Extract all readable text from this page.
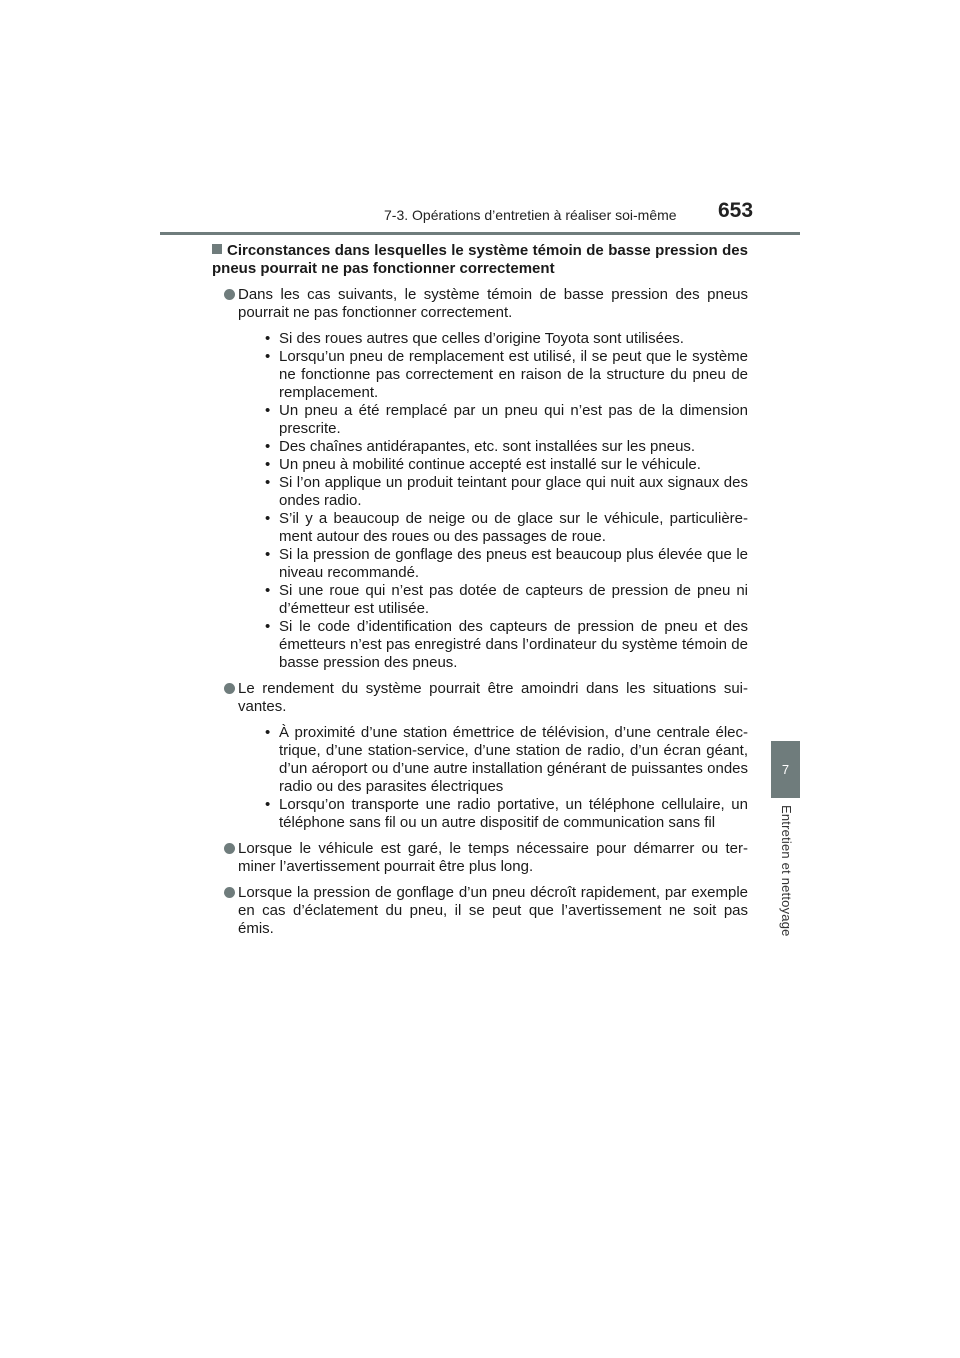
7-3. Opérations d’entretien à réaliser soi-même 653
7
Entretien et nettoyage
Circonstances dans lesquelles le système témoin de basse pression des pneus pourrait ne pas fonctionner correctement
Dans les cas suivants, le système témoin de basse pression des pneus pourrait ne pas fonctionner correctement.
• Si des roues autres que celles d’origine Toyota sont utilisées.
• Lorsqu’un pneu de remplacement est utilisé, il se peut que le système ne fonctionne pas correctement en raison de la structure du pneu de remplacement.
• Un pneu a été remplacé par un pneu qui n’est pas de la dimension prescrite.
• Des chaînes antidérapantes, etc. sont installées sur les pneus.
• Un pneu à mobilité continue accepté est installé sur le véhicule.
• Si l’on applique un produit teintant pour glace qui nuit aux signaux des ondes radio.
• S’il y a beaucoup de neige ou de glace sur le véhicule, particulière-ment autour des roues ou des passages de roue.
• Si la pression de gonflage des pneus est beaucoup plus élevée que le niveau recommandé.
• Si une roue qui n’est pas dotée de capteurs de pression de pneu ni d’émetteur est utilisée.
• Si le code d’identification des capteurs de pression de pneu et des émetteurs n’est pas enregistré dans l’ordinateur du système témoin de basse pression des pneus.
Le rendement du système pourrait être amoindri dans les situations sui-vantes.
• À proximité d’une station émettrice de télévision, d’une centrale élec-trique, d’une station-service, d’une station de radio, d’un écran géant, d’un aéroport ou d’une autre installation générant de puissantes ondes radio ou des parasites électriques
• Lorsqu’on transporte une radio portative, un téléphone cellulaire, un téléphone sans fil ou un autre dispositif de communication sans fil
Lorsque le véhicule est garé, le temps nécessaire pour démarrer ou ter-miner l’avertissement pourrait être plus long.
Lorsque la pression de gonflage d’un pneu décroît rapidement, par exemple en cas d’éclatement du pneu, il se peut que l’avertissement ne soit pas émis.
